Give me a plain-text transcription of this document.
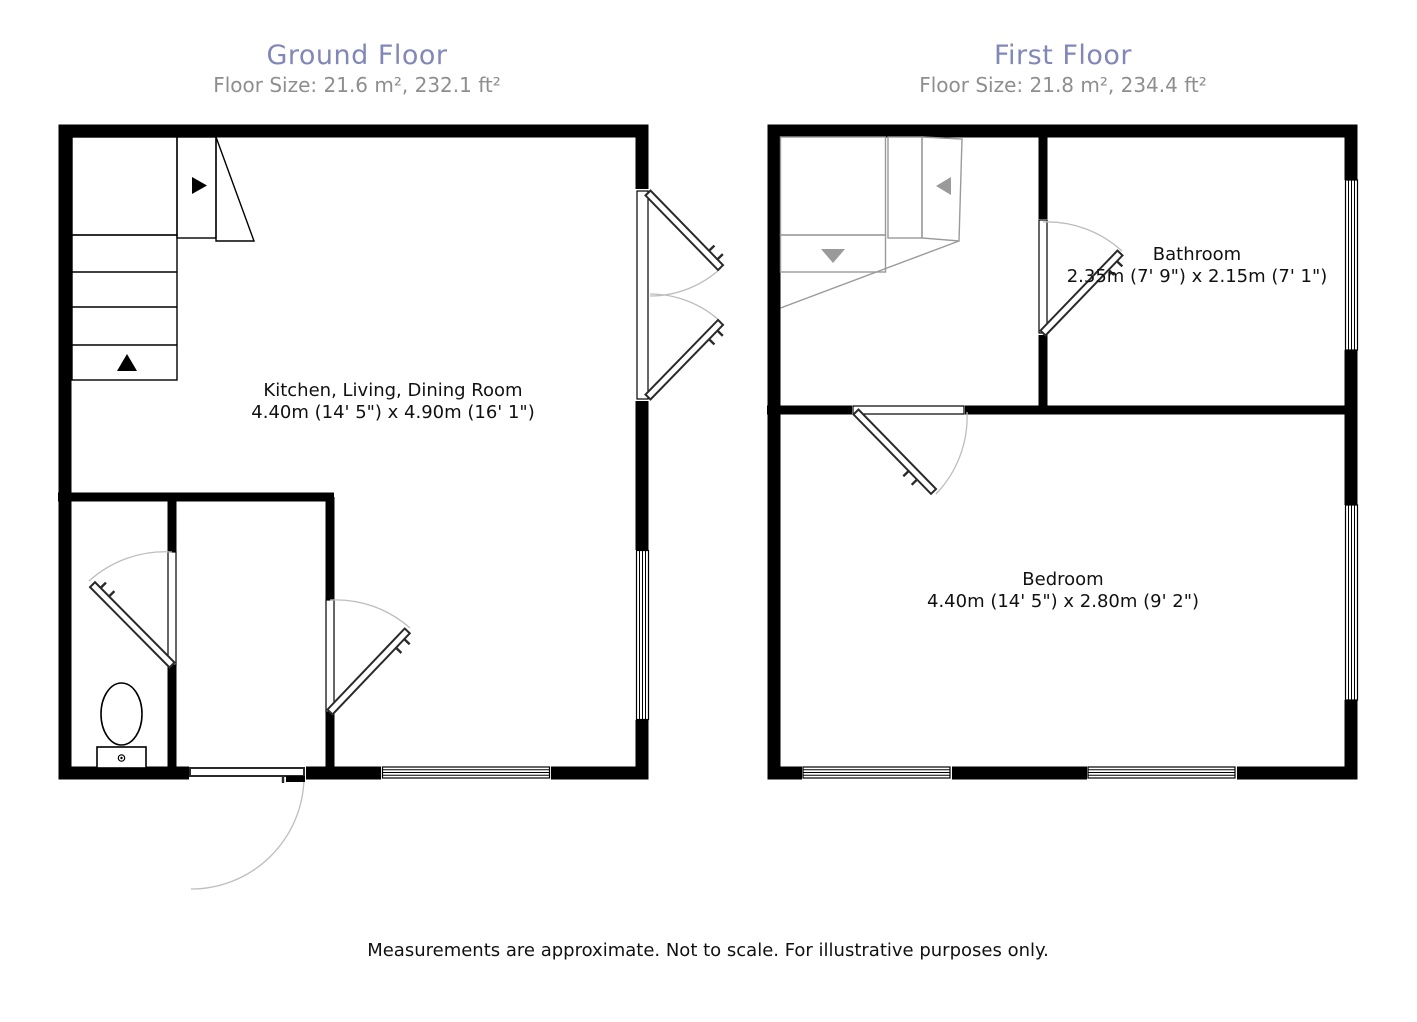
Ground Floor
Floor Size: 21.6 m², 232.1 ft²
First Floor
Floor Size: 21.8 m², 234.4 ft²
Kitchen, Living, Dining Room
4.40m (14' 5") x 4.90m (16' 1")
Bathroom
2.35m (7' 9") x 2.15m (7' 1")
Bedroom
4.40m (14' 5") x 2.80m (9' 2")
Measurements are approximate. Not to scale. For illustrative purposes only.
